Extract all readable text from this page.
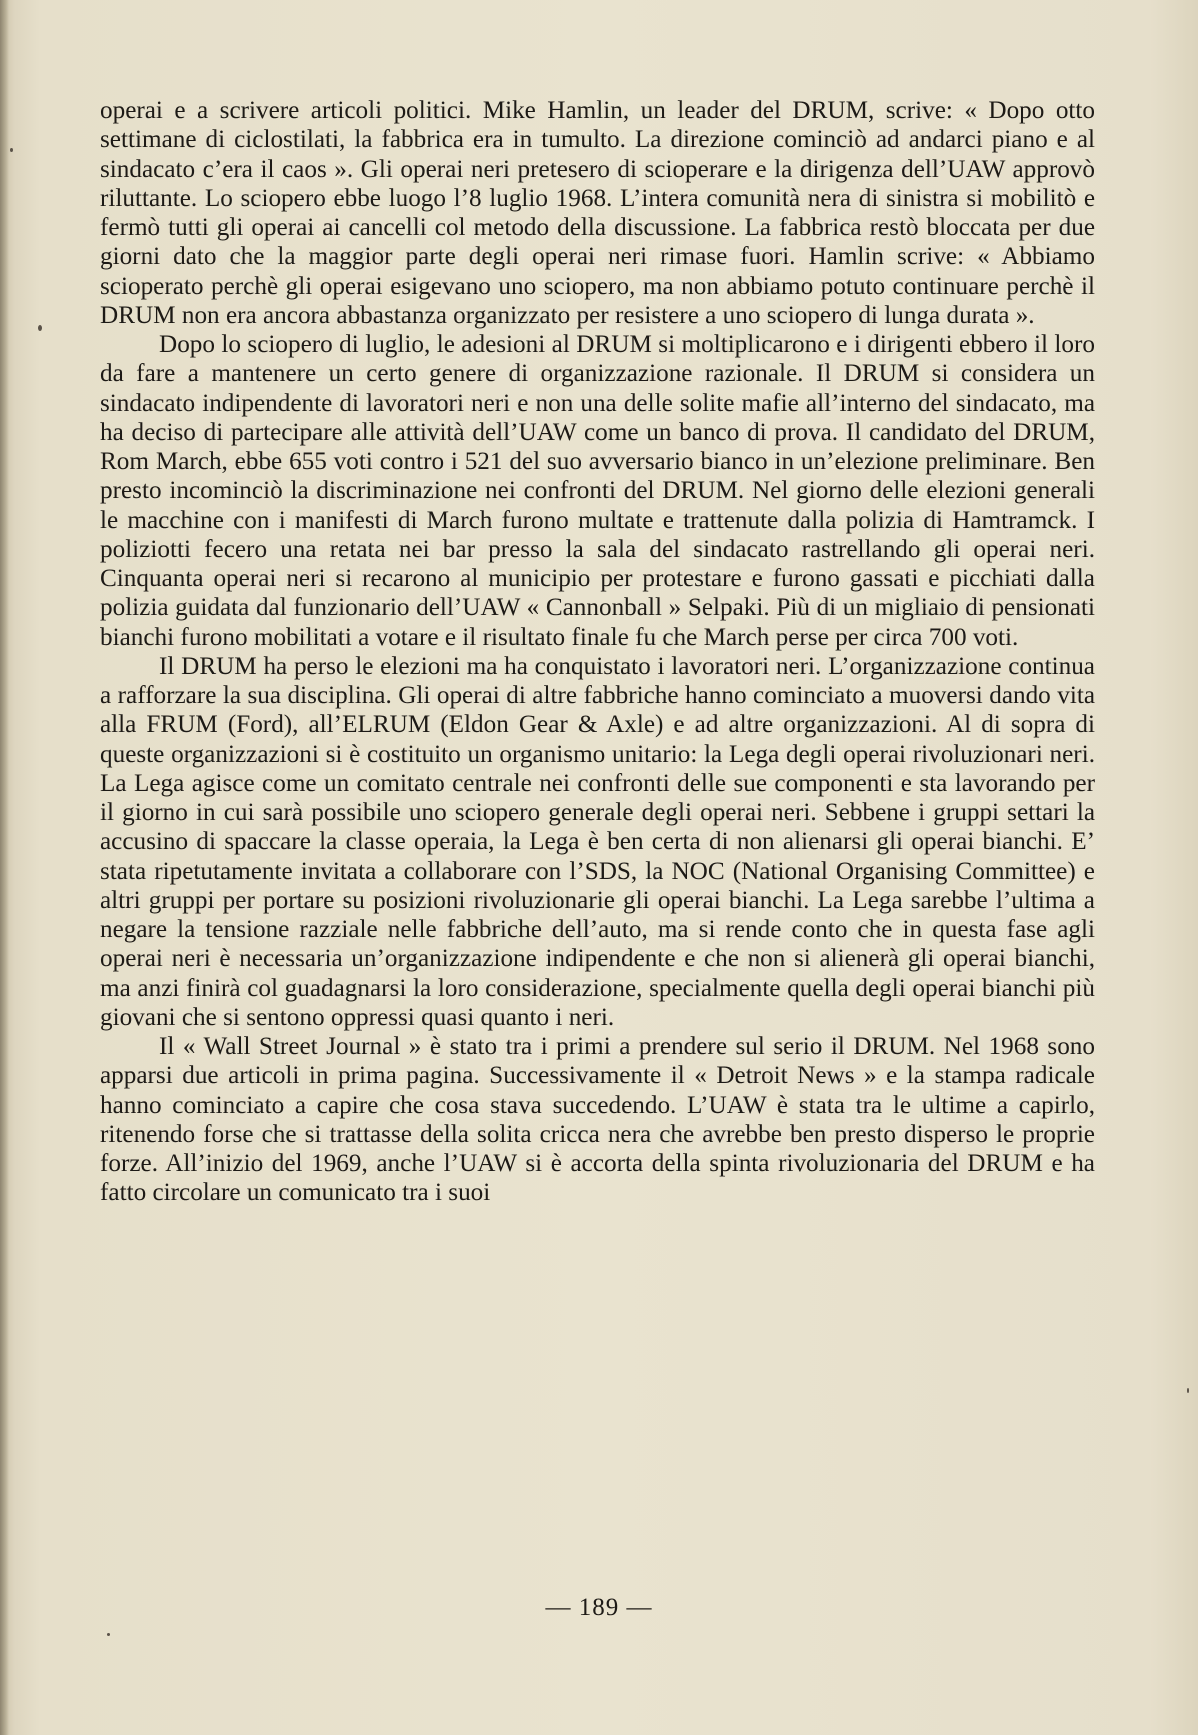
operai e a scrivere articoli politici. Mike Hamlin, un leader del DRUM, scrive: « Dopo otto settimane di ciclostilati, la fabbrica era in tumulto. La direzione cominciò ad andarci piano e al sindacato c’era il caos ». Gli operai neri pretesero di scioperare e la dirigenza dell’UAW approvò riluttante. Lo sciopero ebbe luogo l’8 luglio 1968. L’intera comunità nera di sinistra si mobilitò e fermò tutti gli operai ai cancelli col metodo della discussione. La fabbrica restò bloccata per due giorni dato che la maggior parte degli operai neri rimase fuori. Hamlin scrive: « Abbiamo scioperato perchè gli operai esigevano uno sciopero, ma non abbiamo potuto continuare perchè il DRUM non era ancora abbastanza organizzato per resistere a uno sciopero di lunga durata ».

Dopo lo sciopero di luglio, le adesioni al DRUM si moltiplicarono e i dirigenti ebbero il loro da fare a mantenere un certo genere di organizzazione razionale. Il DRUM si considera un sindacato indipendente di lavoratori neri e non una delle solite mafie all’interno del sindacato, ma ha deciso di partecipare alle attività dell’UAW come un banco di prova. Il candidato del DRUM, Rom March, ebbe 655 voti contro i 521 del suo avversario bianco in un’elezione preliminare. Ben presto incominciò la discriminazione nei confronti del DRUM. Nel giorno delle elezioni generali le macchine con i manifesti di March furono multate e trattenute dalla polizia di Hamtramck. I poliziotti fecero una retata nei bar presso la sala del sindacato rastrellando gli operai neri. Cinquanta operai neri si recarono al municipio per protestare e furono gassati e picchiati dalla polizia guidata dal funzionario dell’UAW « Cannonball » Selpaki. Più di un migliaio di pensionati bianchi furono mobilitati a votare e il risultato finale fu che March perse per circa 700 voti.

Il DRUM ha perso le elezioni ma ha conquistato i lavoratori neri. L’organizzazione continua a rafforzare la sua disciplina. Gli operai di altre fabbriche hanno cominciato a muoversi dando vita alla FRUM (Ford), all’ELRUM (Eldon Gear & Axle) e ad altre organizzazioni. Al di sopra di queste organizzazioni si è costituito un organismo unitario: la Lega degli operai rivoluzionari neri. La Lega agisce come un comitato centrale nei confronti delle sue componenti e sta lavorando per il giorno in cui sarà possibile uno sciopero generale degli operai neri. Sebbene i gruppi settari la accusino di spaccare la classe operaia, la Lega è ben certa di non alienarsi gli operai bianchi. E’ stata ripetutamente invitata a collaborare con l’SDS, la NOC (National Organising Committee) e altri gruppi per portare su posizioni rivoluzionarie gli operai bianchi. La Lega sarebbe l’ultima a negare la tensione razziale nelle fabbriche dell’auto, ma si rende conto che in questa fase agli operai neri è necessaria un’organizzazione indipendente e che non si alienerà gli operai bianchi, ma anzi finirà col guadagnarsi la loro considerazione, specialmente quella degli operai bianchi più giovani che si sentono oppressi quasi quanto i neri.

Il « Wall Street Journal » è stato tra i primi a prendere sul serio il DRUM. Nel 1968 sono apparsi due articoli in prima pagina. Successivamente il « Detroit News » e la stampa radicale hanno cominciato a capire che cosa stava succedendo. L’UAW è stata tra le ultime a capirlo, ritenendo forse che si trattasse della solita cricca nera che avrebbe ben presto disperso le proprie forze. All’inizio del 1969, anche l’UAW si è accorta della spinta rivoluzionaria del DRUM e ha fatto circolare un comunicato tra i suoi

— 189 —
